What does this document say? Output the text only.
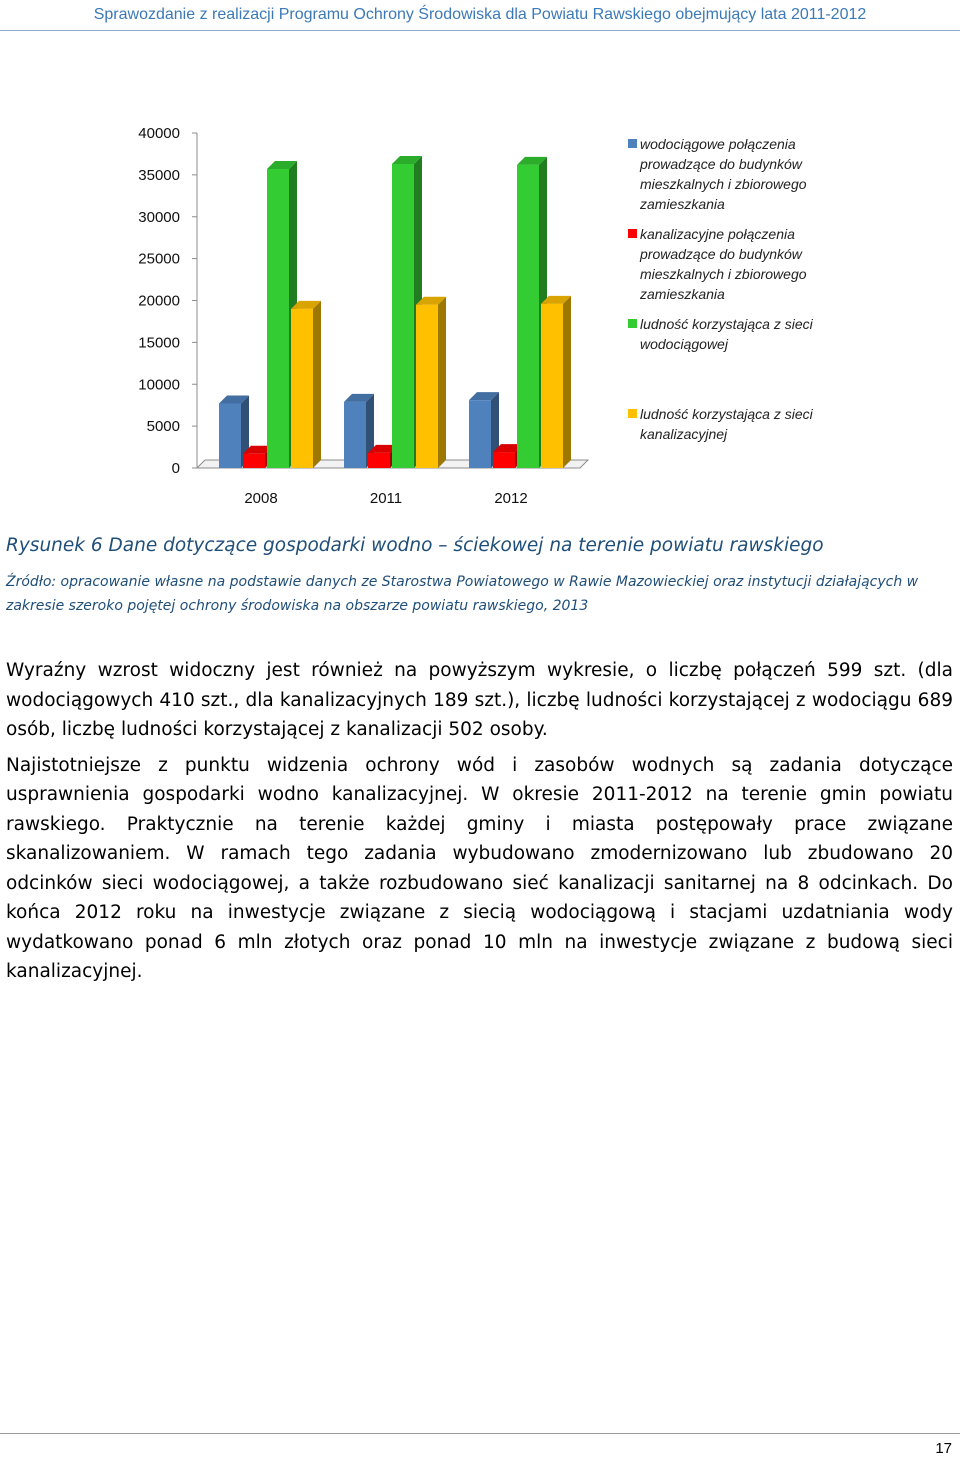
Sprawozdanie z realizacji Programu Ochrony Środowiska dla Powiatu Rawskiego obejmujący lata 2011-2012
0
5000
10000
15000
20000
25000
30000
35000
40000
2008	2011	2012
wodociągowe połączenia prowadzące do budynków mieszkalnych i zbiorowego zamieszkania
kanalizacyjne połączenia prowadzące do budynków mieszkalnych i zbiorowego zamieszkania
ludność korzystająca z sieci wodociągowej
ludność korzystająca z sieci kanalizacyjnej
Rysunek 6 Dane dotyczące gospodarki wodno – ściekowej na terenie powiatu rawskiego
Źródło: opracowanie własne na podstawie danych ze Starostwa Powiatowego w Rawie Mazowieckiej oraz instytucji działających w zakresie szeroko pojętej ochrony środowiska na obszarze powiatu rawskiego, 2013

Wyraźny wzrost widoczny jest również na powyższym wykresie, o liczbę połączeń 599 szt. (dla wodociągowych 410 szt., dla kanalizacyjnych 189 szt.), liczbę ludności korzystającej z wodociągu 689 osób, liczbę ludności korzystającej z kanalizacji 502 osoby.

Najistotniejsze z punktu widzenia ochrony wód i zasobów wodnych są zadania dotyczące usprawnienia gospodarki wodno kanalizacyjnej. W okresie 2011-2012 na terenie gmin powiatu rawskiego. Praktycznie na terenie każdej gminy i miasta postępowały prace związane skanalizowaniem. W ramach tego zadania wybudowano zmodernizowano lub zbudowano 20 odcinków sieci wodociągowej, a także rozbudowano sieć kanalizacji sanitarnej na 8 odcinkach. Do końca 2012 roku na inwestycje związane z siecią wodociągową i stacjami uzdatniania wody wydatkowano ponad 6 mln złotych oraz ponad 10 mln na inwestycje związane z budową sieci kanalizacyjnej.

17
